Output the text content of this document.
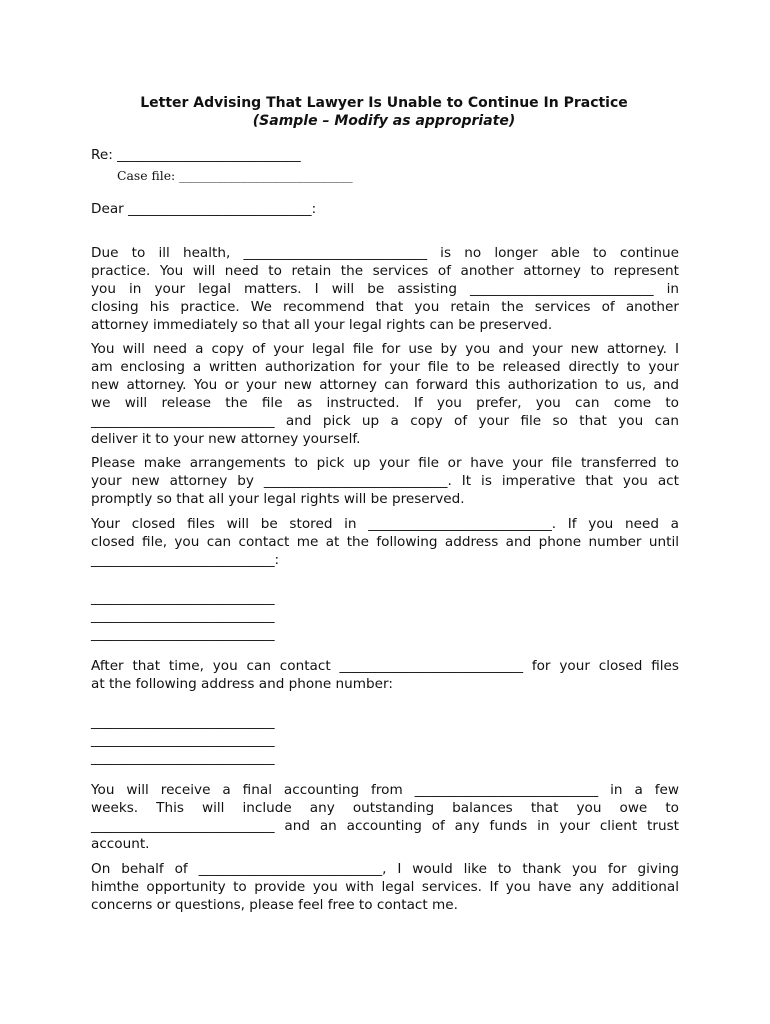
Letter Advising That Lawyer Is Unable to Continue In Practice
(Sample – Modify as appropriate)
Re: ___________________________
Case file: ____________________________
Dear ___________________________:
Due to ill health, ___________________________ is no longer able to continue
practice. You will need to retain the services of another attorney to represent
you in your legal matters. I will be assisting ___________________________ in
closing his practice. We recommend that you retain the services of another
attorney immediately so that all your legal rights can be preserved.
You will need a copy of your legal file for use by you and your new attorney. I
am enclosing a written authorization for your file to be released directly to your
new attorney. You or your new attorney can forward this authorization to us, and
we will release the file as instructed. If you prefer, you can come to
___________________________ and pick up a copy of your file so that you can
deliver it to your new attorney yourself.
Please make arrangements to pick up your file or have your file transferred to
your new attorney by ___________________________. It is imperative that you act
promptly so that all your legal rights will be preserved.
Your closed files will be stored in ___________________________. If you need a
closed file, you can contact me at the following address and phone number until
___________________________:
___________________________
___________________________
___________________________
After that time, you can contact ___________________________ for your closed files
at the following address and phone number:
___________________________
___________________________
___________________________
You will receive a final accounting from ___________________________ in a few
weeks. This will include any outstanding balances that you owe to
___________________________ and an accounting of any funds in your client trust
account.
On behalf of ___________________________, I would like to thank you for giving
himthe opportunity to provide you with legal services. If you have any additional
concerns or questions, please feel free to contact me.
